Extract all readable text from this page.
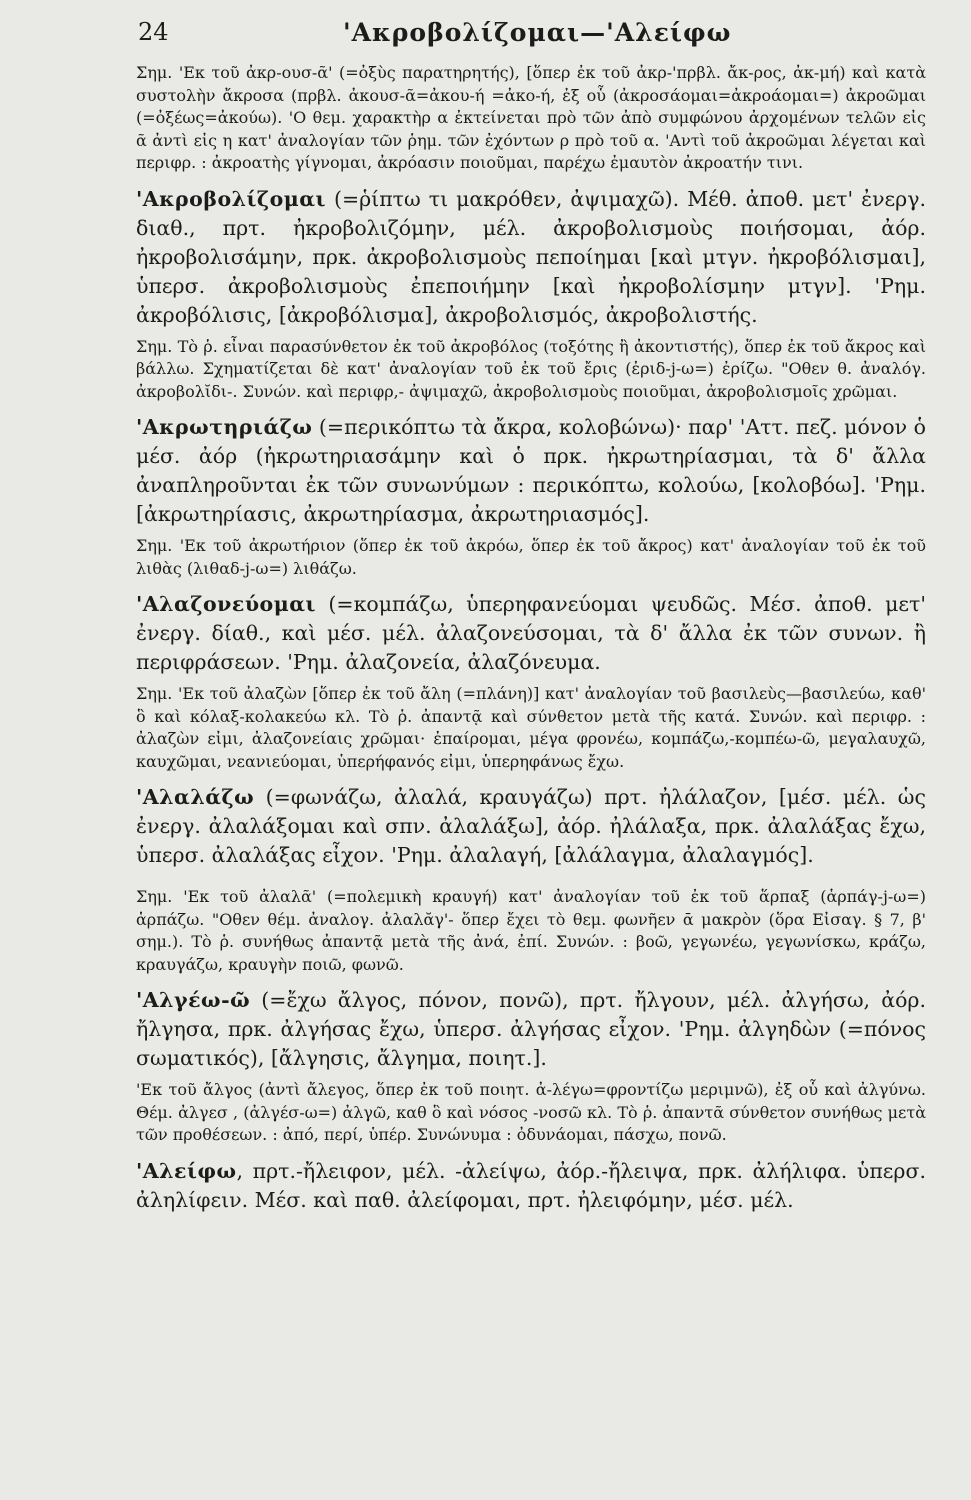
24	'Ακροβολίζομαι—'Αλείφω

Σημ. 'Εκ τοῦ ἀκρ-ουσ-ᾶ' (=ὀξὺς παρατηρητής), [ὅπερ ἐκ τοῦ ἀκρ-'πρβλ. ἄκ-ρος, ἀκ-μή) καὶ κατὰ συστολὴν ἄκροσα (πρβλ. ἀκουσ-ᾶ=ἀκου-ή =ἀκο-ή, ἐξ οὗ (ἀκροσάομαι=ἀκροάομαι=) ἀκροῶμαι (=ὀξέως=ἀκούω). 'Ο θεμ. χαρακτὴρ α ἐκτείνεται πρὸ τῶν ἀπὸ συμφώνου ἀρχομένων τελῶν εἰς ᾶ ἀντὶ εἰς η κατ' ἀναλογίαν τῶν ῥημ. τῶν ἐχόντων ρ πρὸ τοῦ α. 'Αντὶ τοῦ ἀκροῶμαι λέγεται καὶ περιφρ. : ἀκροατὴς γίγνομαι, ἀκρόασιν ποιοῦμαι, παρέχω ἐμαυτὸν ἀκροατήν τινι.

'Ακροβολίζομαι (=ῥίπτω τι μακρόθεν, ἀψιμαχῶ). Μέθ. ἀποθ. μετ' ἐνεργ. διαθ., πρτ. ἠκροβολιζόμην, μέλ. ἀκροβολισμοὺς ποιήσομαι, ἀόρ. ἠκροβολισάμην, πρκ. ἀκροβολισμοὺς πεποίημαι [καὶ μτγν. ἠκροβόλισμαι], ὑπερσ. ἀκροβολισμοὺς ἐπεποιήμην [καὶ ἠκροβολίσμην μτγν]. 'Ρημ. ἀκροβόλισις, [ἀκροβόλισμα], ἀκροβολισμός, ἀκροβολιστής.

Σημ. Τὸ ῥ. εἶναι παρασύνθετον ἐκ τοῦ ἀκροβόλος (τοξότης ἢ ἀκοντιστής), ὅπερ ἐκ τοῦ ἄκρος καὶ βάλλω. Σχηματίζεται δὲ κατ' ἀναλογίαν τοῦ ἐκ τοῦ ἔρις (ἐριδ-j-ω=) ἐρίζω. "Οθεν θ. ἀναλόγ. ἀκροβολῐδι-. Συνών. καὶ περιφρ,- ἀψιμαχῶ, ἀκροβολισμοὺς ποιοῦμαι, ἀκροβολισμοῖς χρῶμαι.

'Ακρωτηριάζω (=περικόπτω τὰ ἄκρα, κολοβώνω)· παρ' 'Αττ. πεζ. μόνον ὁ μέσ. ἀόρ (ἠκρωτηριασάμην καὶ ὁ πρκ. ἠκρωτηρίασμαι, τὰ δ' ἄλλα ἀναπληροῦνται ἐκ τῶν συνωνύμων : περικόπτω, κολούω, [κολοβόω]. 'Ρημ. [ἀκρωτηρίασις, ἀκρωτηρίασμα, ἀκρωτηριασμός].

Σημ. 'Εκ τοῦ ἀκρωτήριον (ὅπερ ἐκ τοῦ ἀκρόω, ὅπερ ἐκ τοῦ ἄκρος) κατ' ἀναλογίαν τοῦ ἐκ τοῦ λιθὰς (λιθαδ-j-ω=) λιθάζω.

'Αλαζονεύομαι (=κομπάζω, ὑπερηφανεύομαι ψευδῶς. Μέσ. ἀποθ. μετ' ἐνεργ. δίαθ., καὶ μέσ. μέλ. ἀλαζονεύσομαι, τὰ δ' ἄλλα ἐκ τῶν συνων. ἢ περιφράσεων. 'Ρημ. ἀλαζονεία, ἀλαζόνευμα.

Σημ. 'Εκ τοῦ ἀλαζὼν [ὅπερ ἐκ τοῦ ἄλη (=πλάνη)] κατ' ἀναλογίαν τοῦ βασιλεὺς—βασιλεύω, καθ' ὃ καὶ κόλαξ-κολακεύω κλ. Τὸ ῥ. ἀπαντᾷ καὶ σύνθετον μετὰ τῆς κατά. Συνών. καὶ περιφρ. : ἀλαζὼν εἰμι, ἀλαζονείαις χρῶμαι· ἐπαίρομαι, μέγα φρονέω, κομπάζω,-κομπέω-ῶ, μεγαλαυχῶ, καυχῶμαι, νεανιεύομαι, ὑπερήφανός εἰμι, ὑπερηφάνως ἔχω.

'Αλαλάζω (=φωνάζω, ἀλαλά, κραυγάζω) πρτ. ἠλάλαζον, [μέσ. μέλ. ὡς ἐνεργ. ἀλαλάξομαι καὶ σπν. ἀλαλάξω], ἀόρ. ἠλάλαξα, πρκ. ἀλαλάξας ἔχω, ὑπερσ. ἀλαλάξας εἶχον. 'Ρημ. ἀλαλαγή, [ἀλάλαγμα, ἀλαλαγμός].

Σημ. 'Εκ τοῦ ἀλαλᾶ' (=πολεμικὴ κραυγή) κατ' ἀναλογίαν τοῦ ἐκ τοῦ ἅρπαξ (ἁρπάγ-j-ω=) ἁρπάζω. "Οθεν θέμ. ἀναλογ. ἀλαλᾰγ'- ὅπερ ἔχει τὸ θεμ. φωνῆεν ᾱ μακρὸν (ὅρα Εἰσαγ. § 7, β' σημ.). Τὸ ῥ. συνήθως ἀπαντᾷ μετὰ τῆς ἀνά, ἐπί. Συνών. : βοῶ, γεγωνέω, γεγωνίσκω, κράζω, κραυγάζω, κραυγὴν ποιῶ, φωνῶ.

'Αλγέω-ῶ (=ἔχω ἄλγος, πόνον, πονῶ), πρτ. ἤλγουν, μέλ. ἀλγήσω, ἀόρ. ἤλγησα, πρκ. ἀλγήσας ἔχω, ὑπερσ. ἀλγήσας εἶχον. 'Ρημ. ἀλγηδὼν (=πόνος σωματικός), [ἄλγησις, ἄλγημα, ποιητ.].

'Εκ τοῦ ἄλγος (ἀντὶ ἄλεγος, ὅπερ ἐκ τοῦ ποιητ. ἀ-λέγω=φροντίζω μεριμνῶ), ἐξ οὗ καὶ ἀλγύνω. Θέμ. ἀλγεσ , (ἀλγέσ-ω=) ἀλγῶ, καθ ὃ καὶ νόσος -νοσῶ κλ. Τὸ ῥ. ἀπαντᾶ σύνθετον συνήθως μετὰ τῶν προθέσεων. : ἀπό, περί, ὑπέρ. Συνώνυμα : ὀδυνάομαι, πάσχω, πονῶ.

'Αλείφω, πρτ.-ἤλειφον, μέλ. -ἀλείψω, ἀόρ.-ἤλειψα, πρκ. ἀλήλιφα. ὑπερσ. ἀληλίφειν. Μέσ. καὶ παθ. ἀλείφομαι, πρτ. ἠλειφόμην, μέσ. μέλ.
